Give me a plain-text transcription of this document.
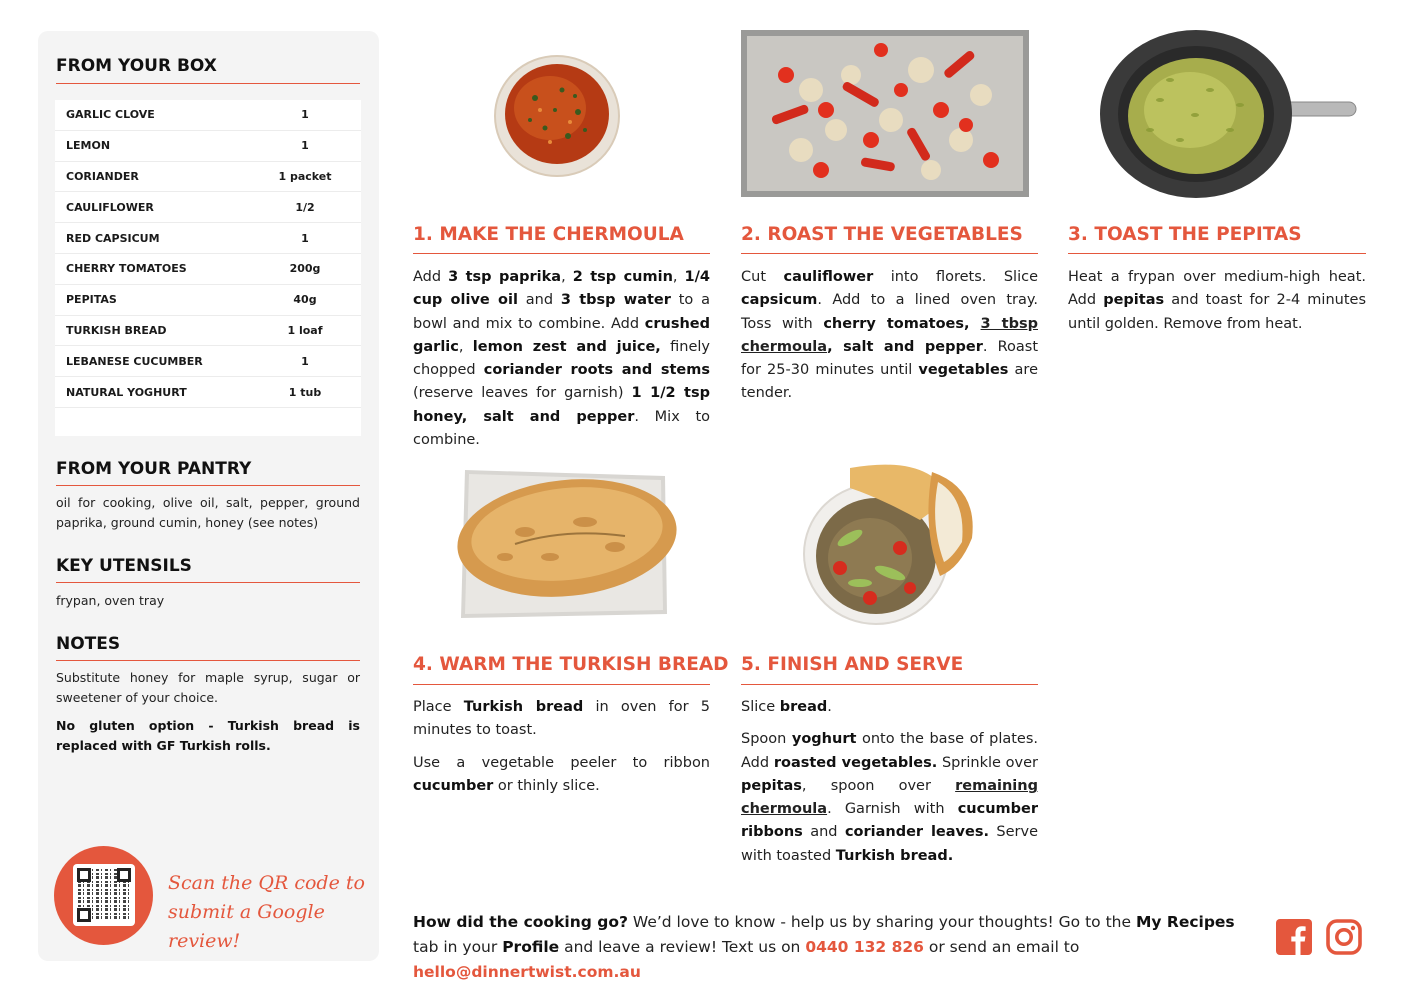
FROM YOUR BOX
GARLIC CLOVE	1
LEMON	1
CORIANDER	1 packet
CAULIFLOWER	1/2
RED CAPSICUM	1
CHERRY TOMATOES	200g
PEPITAS	40g
TURKISH BREAD	1 loaf
LEBANESE CUCUMBER	1
NATURAL YOGHURT	1 tub
FROM YOUR PANTRY
oil for cooking, olive oil, salt, pepper, ground paprika, ground cumin, honey (see notes)
KEY UTENSILS
frypan, oven tray
NOTES
Substitute honey for maple syrup, sugar or sweetener of your choice.
No gluten option - Turkish bread is replaced with GF Turkish rolls.
Scan the QR code to
submit a Google review!
1. MAKE THE CHERMOULA
Add 3 tsp paprika, 2 tsp cumin, 1/4 cup olive oil and 3 tbsp water to a bowl and mix to combine. Add crushed garlic, lemon zest and juice, finely chopped coriander roots and stems (reserve leaves for garnish) 1 1/2 tsp honey, salt and pepper. Mix to combine.
2. ROAST THE VEGETABLES
Cut cauliflower into florets. Slice capsicum. Add to a lined oven tray. Toss with cherry tomatoes, 3 tbsp chermoula, salt and pepper. Roast for 25-30 minutes until vegetables are tender.
3. TOAST THE PEPITAS
Heat a frypan over medium-high heat. Add pepitas and toast for 2-4 minutes until golden. Remove from heat.
4. WARM THE TURKISH BREAD

Place Turkish bread in oven for 5 minutes to toast.

Use a vegetable peeler to ribbon cucumber or thinly slice.

5. FINISH AND SERVE

Slice bread.

Spoon yoghurt onto the base of plates. Add roasted vegetables. Sprinkle over pepitas, spoon over remaining chermoula. Garnish with cucumber ribbons and coriander leaves. Serve with toasted Turkish bread.

How did the cooking go? We’d love to know - help us by sharing your thoughts! Go to the My Recipes tab in your Profile and leave a review! Text us on 0440 132 826 or send an email to hello@dinnertwist.com.au
